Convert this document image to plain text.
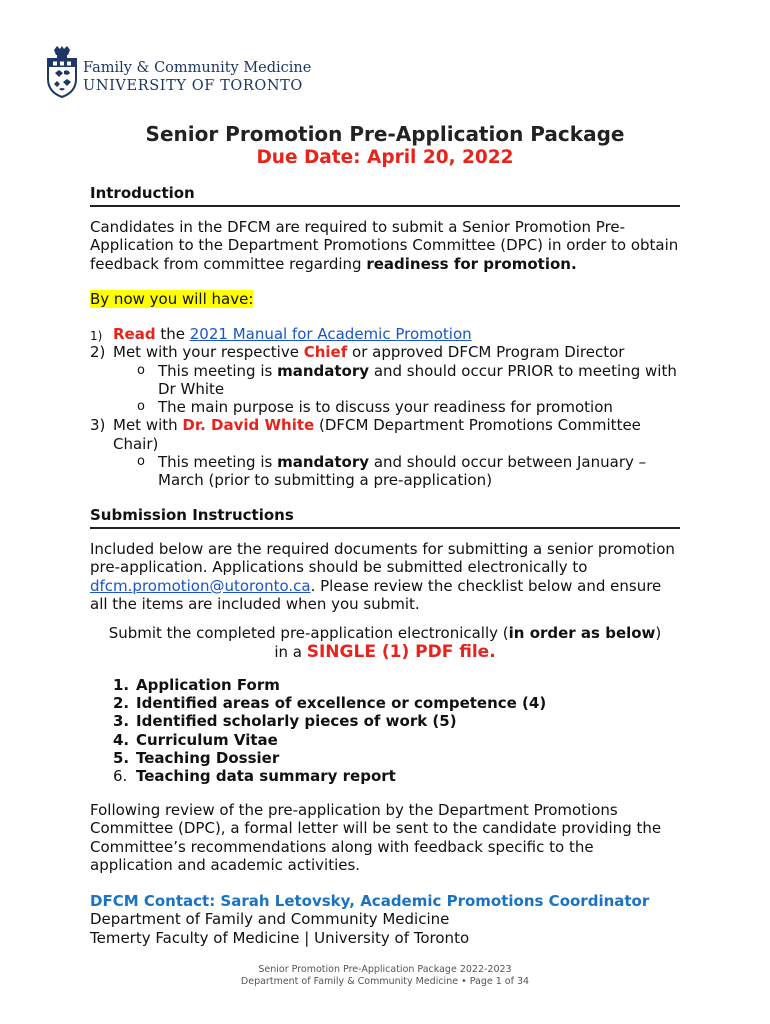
Family & Community Medicine
UNIVERSITY OF TORONTO
Senior Promotion Pre-Application Package
Due Date: April 20, 2022
Introduction
Candidates in the DFCM are required to submit a Senior Promotion Pre-Application to the Department Promotions Committee (DPC) in order to obtain feedback from committee regarding readiness for promotion.
By now you will have:
1) Read the 2021 Manual for Academic Promotion
2) Met with your respective Chief or approved DFCM Program Director
o This meeting is mandatory and should occur PRIOR to meeting with Dr White
o The main purpose is to discuss your readiness for promotion
3) Met with Dr. David White (DFCM Department Promotions Committee Chair)
o This meeting is mandatory and should occur between January – March (prior to submitting a pre-application)
Submission Instructions
Included below are the required documents for submitting a senior promotion pre-application. Applications should be submitted electronically to dfcm.promotion@utoronto.ca. Please review the checklist below and ensure all the items are included when you submit.
Submit the completed pre-application electronically (in order as below)
in a SINGLE (1) PDF file.
1. Application Form
2. Identified areas of excellence or competence (4)
3. Identified scholarly pieces of work (5)
4. Curriculum Vitae
5. Teaching Dossier
6. Teaching data summary report
Following review of the pre-application by the Department Promotions Committee (DPC), a formal letter will be sent to the candidate providing the Committee’s recommendations along with feedback specific to the application and academic activities.
DFCM Contact: Sarah Letovsky, Academic Promotions Coordinator
Department of Family and Community Medicine
Temerty Faculty of Medicine | University of Toronto
Senior Promotion Pre-Application Package 2022-2023
Department of Family & Community Medicine • Page 1 of 34
